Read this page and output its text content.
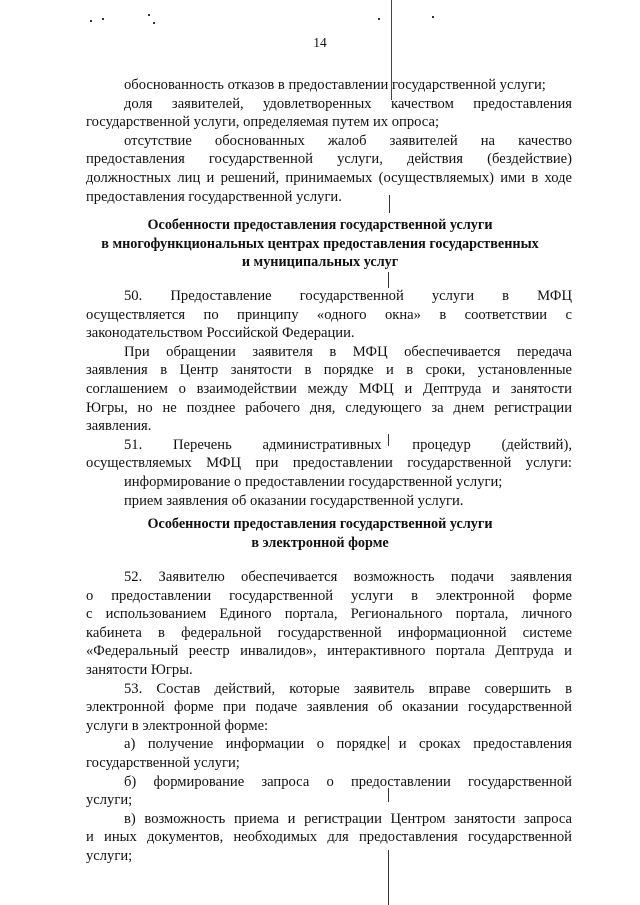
14
обоснованность отказов в предоставлении государственной услуги;
доля заявителей, удовлетворенных качеством предоставления
государственной услуги, определяемая путем их опроса;
отсутствие обоснованных жалоб заявителей на качество
предоставления государственной услуги, действия (бездействие)
должностных лиц и решений, принимаемых (осуществляемых) ими в ходе
предоставления государственной услуги.
Особенности предоставления государственной услуги
в многофункциональных центрах предоставления государственных
и муниципальных услуг
50. Предоставление государственной услуги в МФЦ
осуществляется по принципу «одного окна» в соответствии с
законодательством Российской Федерации.
При обращении заявителя в МФЦ обеспечивается передача
заявления в Центр занятости в порядке и в сроки, установленные
соглашением о взаимодействии между МФЦ и Дептруда и занятости
Югры, но не позднее рабочего дня, следующего за днем регистрации
заявления.
51. Перечень административных процедур (действий),
осуществляемых МФЦ при предоставлении государственной услуги:
информирование о предоставлении государственной услуги;
прием заявления об оказании государственной услуги.
Особенности предоставления государственной услуги
в электронной форме
52. Заявителю обеспечивается возможность подачи заявления
о предоставлении государственной услуги в электронной форме
с использованием Единого портала, Регионального портала, личного
кабинета в федеральной государственной информационной системе
«Федеральный реестр инвалидов», интерактивного портала Дептруда и
занятости Югры.
53. Состав действий, которые заявитель вправе совершить в
электронной форме при подаче заявления об оказании государственной
услуги в электронной форме:
а) получение информации о порядке и сроках предоставления
государственной услуги;
б) формирование запроса о предоставлении государственной
услуги;
в) возможность приема и регистрации Центром занятости запроса
и иных документов, необходимых для предоставления государственной
услуги;
